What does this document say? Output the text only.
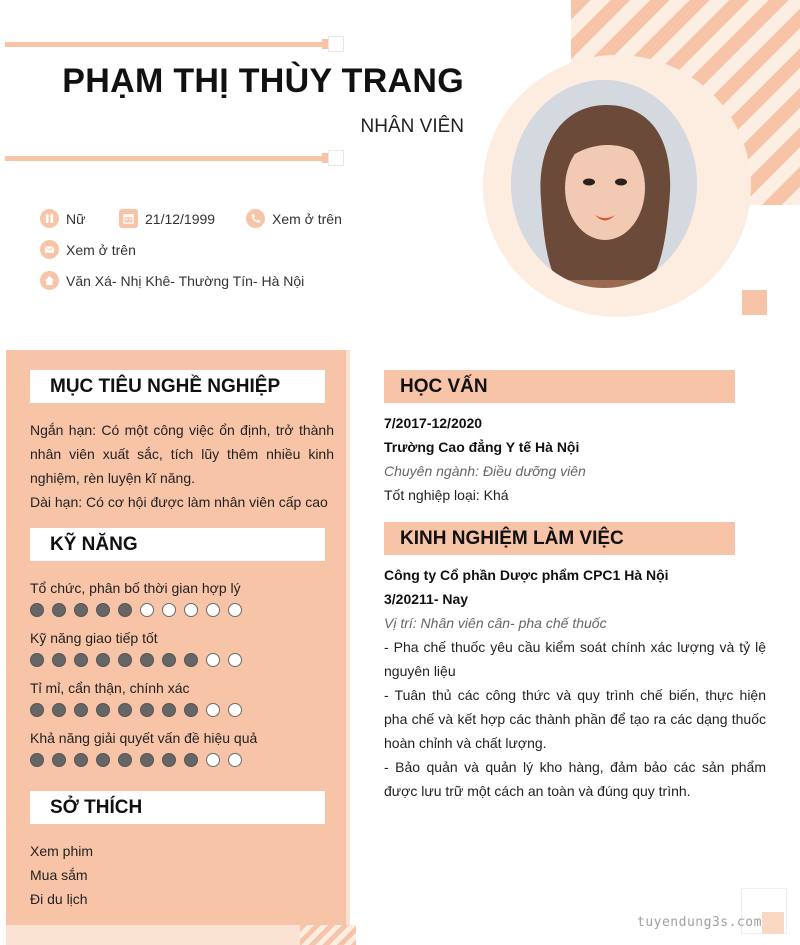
PHẠM THỊ THÙY TRANG
NHÂN VIÊN
Nữ	21/12/1999	Xem ở trên
Xem ở trên
Văn Xá- Nhị Khê- Thường Tín- Hà Nội
MỤC TIÊU NGHỀ NGHIỆP
Ngắn hạn: Có một công việc ổn định, trở thành nhân viên xuất sắc, tích lũy thêm nhiều kinh nghiệm, rèn luyện kĩ năng.
Dài hạn: Có cơ hội được làm nhân viên cấp cao
KỸ NĂNG
Tổ chức, phân bố thời gian hợp lý
Kỹ năng giao tiếp tốt
Tỉ mỉ, cẩn thận, chính xác
Khả năng giải quyết vấn đề hiệu quả
SỞ THÍCH
Xem phim
Mua sắm
Đi du lịch
HỌC VẤN
7/2017-12/2020
Trường Cao đẳng Y tế Hà Nội
Chuyên ngành: Điều dưỡng viên
Tốt nghiệp loại: Khá
KINH NGHIỆM LÀM VIỆC
Công ty Cổ phần Dược phẩm CPC1 Hà Nội
3/20211- Nay
Vị trí: Nhân viên cân- pha chế thuốc
- Pha chế thuốc yêu cầu kiểm soát chính xác lượng và tỷ lệ nguyên liệu
- Tuân thủ các công thức và quy trình chế biến, thực hiện pha chế và kết hợp các thành phần để tạo ra các dạng thuốc hoàn chỉnh và chất lượng.
- Bảo quản và quản lý kho hàng, đảm bảo các sản phẩm được lưu trữ một cách an toàn và đúng quy trình.
tuyendung3s.com
